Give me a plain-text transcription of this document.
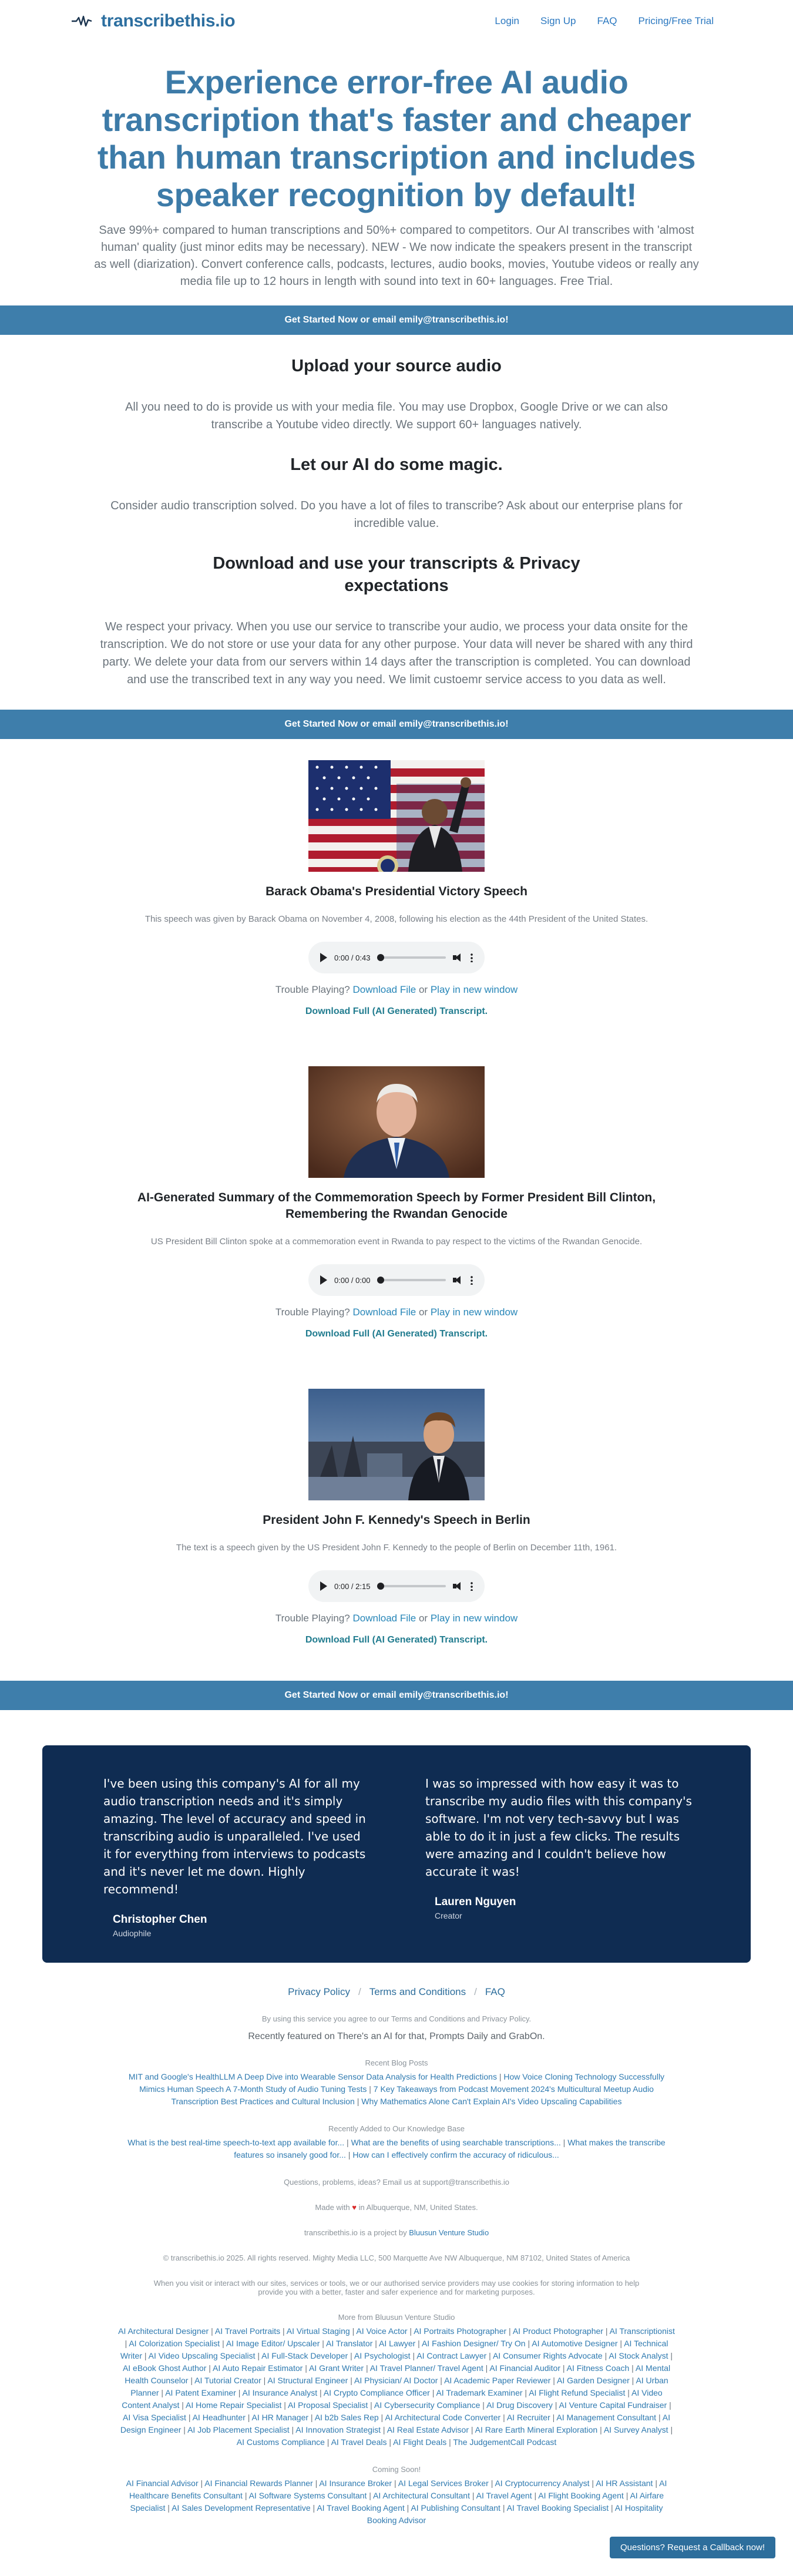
transcribethis.io	Login Sign Up FAQ Pricing/Free Trial
Experience error-free AI audio transcription that's faster and cheaper than human transcription and includes speaker recognition by default!

Save 99%+ compared to human transcriptions and 50%+ compared to competitors. Our AI transcribes with 'almost human' quality (just minor edits may be necessary). NEW - We now indicate the speakers present in the transcript as well (diarization). Convert conference calls, podcasts, lectures, audio books, movies, Youtube videos or really any media file up to 12 hours in length with sound into text in 60+ languages. Free Trial.

Get Started Now or email emily@transcribethis.io!
Upload your source audio

All you need to do is provide us with your media file. You may use Dropbox, Google Drive or we can also transcribe a Youtube video directly. We support 60+ languages natively.

Let our AI do some magic.

Consider audio transcription solved. Do you have a lot of files to transcribe? Ask about our enterprise plans for incredible value.

Download and use your transcripts & Privacy expectations

We respect your privacy. When you use our service to transcribe your audio, we process your data onsite for the transcription. We do not store or use your data for any other purpose. Your data will never be shared with any third party. We delete your data from our servers within 14 days after the transcription is completed. You can download and use the transcribed text in any way you need. We limit custoemr service access to you data as well.

Get Started Now or email emily@transcribethis.io!
Barack Obama's Presidential Victory Speech

This speech was given by Barack Obama on November 4, 2008, following his election as the 44th President of the United States.

0:00 / 0:43

Trouble Playing? Download File or Play in new window

Download Full (AI Generated) Transcript.
AI-Generated Summary of the Commemoration Speech by Former President Bill Clinton, Remembering the Rwandan Genocide

US President Bill Clinton spoke at a commemoration event in Rwanda to pay respect to the victims of the Rwandan Genocide.

0:00 / 0:00

Trouble Playing? Download File or Play in new window

Download Full (AI Generated) Transcript.
President John F. Kennedy's Speech in Berlin

The text is a speech given by the US President John F. Kennedy to the people of Berlin on December 11th, 1961.

0:00 / 2:15

Trouble Playing? Download File or Play in new window

Download Full (AI Generated) Transcript.
Get Started Now or email emily@transcribethis.io!

I've been using this company's AI for all my audio transcription needs and it's simply amazing. The level of accuracy and speed in transcribing audio is unparalleled. I've used it for everything from interviews to podcasts and it's never let me down. Highly recommend!

Christopher Chen

Audiophile

I was so impressed with how easy it was to transcribe my audio files with this company's software. I'm not very tech-savvy but I was able to do it in just a few clicks. The results were amazing and I couldn't believe how accurate it was!

Lauren Nguyen

Creator

Privacy Policy / Terms and Conditions / FAQ

By using this service you agree to our Terms and Conditions and Privacy Policy.

Recently featured on There's an AI for that, Prompts Daily and GrabOn.

Recent Blog Posts

MIT and Google's HealthLLM A Deep Dive into Wearable Sensor Data Analysis for Health Predictions | How Voice Cloning Technology Successfully Mimics Human Speech A 7-Month Study of Audio Tuning Tests | 7 Key Takeaways from Podcast Movement 2024's Multicultural Meetup Audio Transcription Best Practices and Cultural Inclusion | Why Mathematics Alone Can't Explain AI's Video Upscaling Capabilities

Recently Added to Our Knowledge Base

What is the best real-time speech-to-text app available for... | What are the benefits of using searchable transcriptions... | What makes the transcribe features so insanely good for... | How can I effectively confirm the accuracy of ridiculous...

Questions, problems, ideas? Email us at support@transcribethis.io

Made with ♥ in Albuquerque, NM, United States.

transcribethis.io is a project by Bluusun Venture Studio

© transcribethis.io 2025. All rights reserved. Mighty Media LLC, 500 Marquette Ave NW Albuquerque, NM 87102, United States of America

When you visit or interact with our sites, services or tools, we or our authorised service providers may use cookies for storing information to help provide you with a better, faster and safer experience and for marketing purposes.

More from Bluusun Venture Studio

AI Architectural Designer | AI Travel Portraits | AI Virtual Staging | AI Voice Actor | AI Portraits Photographer | AI Product Photographer | AI Transcriptionist | AI Colorization Specialist | AI Image Editor/ Upscaler | AI Translator | AI Lawyer | AI Fashion Designer/ Try On | AI Automotive Designer | AI Technical Writer | AI Video Upscaling Specialist | AI Full-Stack Developer | AI Psychologist | AI Contract Lawyer | AI Consumer Rights Advocate | AI Stock Analyst | AI eBook Ghost Author | AI Auto Repair Estimator | AI Grant Writer | AI Travel Planner/ Travel Agent | AI Financial Auditor | AI Fitness Coach | AI Mental Health Counselor | AI Tutorial Creator | AI Structural Engineer | AI Physician/ AI Doctor | AI Academic Paper Reviewer | AI Garden Designer | AI Urban Planner | AI Patent Examiner | AI Insurance Analyst | AI Crypto Compliance Officer | AI Trademark Examiner | AI Flight Refund Specialist | AI Video Content Analyst | AI Home Repair Specialist | AI Proposal Specialist | AI Cybersecurity Compliance | AI Drug Discovery | AI Venture Capital Fundraiser | AI Visa Specialist | AI Headhunter | AI HR Manager | AI b2b Sales Rep | AI Architectural Code Converter | AI Recruiter | AI Management Consultant | AI Design Engineer | AI Job Placement Specialist | AI Innovation Strategist | AI Real Estate Advisor | AI Rare Earth Mineral Exploration | AI Survey Analyst | AI Customs Compliance | AI Travel Deals | AI Flight Deals | The JudgementCall Podcast

Coming Soon!

AI Financial Advisor | AI Financial Rewards Planner | AI Insurance Broker | AI Legal Services Broker | AI Cryptocurrency Analyst | AI HR Assistant | AI Healthcare Benefits Consultant | AI Software Systems Consultant | AI Architectural Consultant | AI Travel Agent | AI Flight Booking Agent | AI Airfare Specialist | AI Sales Development Representative | AI Travel Booking Agent | AI Publishing Consultant | AI Travel Booking Specialist | AI Hospitality Booking Advisor
Questions? Request a Callback now!
